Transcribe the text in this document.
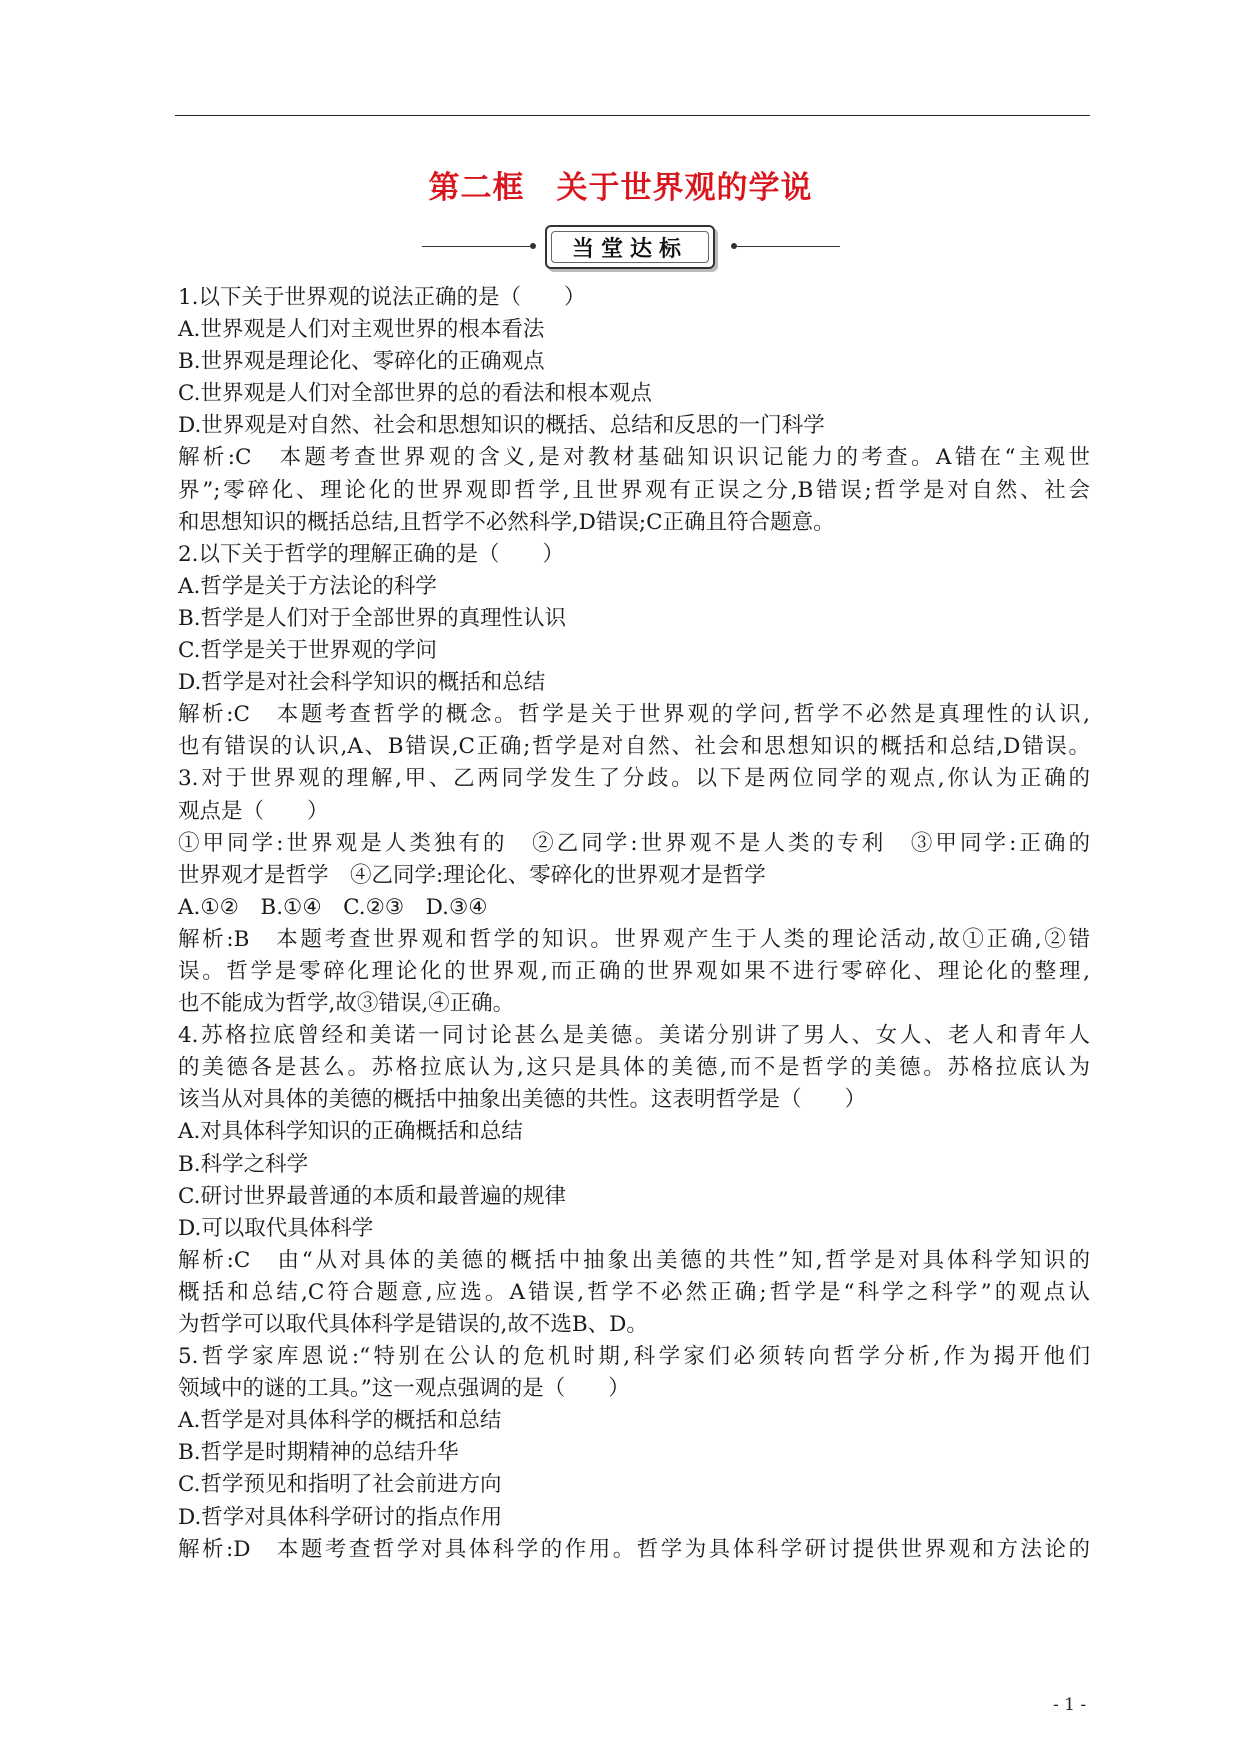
第二框　关于世界观的学说
当堂达标
1.以下关于世界观的说法正确的是（　　）
A.世界观是人们对主观世界的根本看法
B.世界观是理论化、零碎化的正确观点
C.世界观是人们对全部世界的总的看法和根本观点
D.世界观是对自然、社会和思想知识的概括、总结和反思的一门科学
解析:C　本题考查世界观的含义,是对教材基础知识识记能力的考查。A错在“主观世
界”;零碎化、理论化的世界观即哲学,且世界观有正误之分,B错误;哲学是对自然、社会
和思想知识的概括总结,且哲学不必然科学,D错误;C正确且符合题意。
2.以下关于哲学的理解正确的是（　　）
A.哲学是关于方法论的科学
B.哲学是人们对于全部世界的真理性认识
C.哲学是关于世界观的学问
D.哲学是对社会科学知识的概括和总结
解析:C　本题考查哲学的概念。哲学是关于世界观的学问,哲学不必然是真理性的认识,
也有错误的认识,A、B错误,C正确;哲学是对自然、社会和思想知识的概括和总结,D错误。
3.对于世界观的理解,甲、乙两同学发生了分歧。以下是两位同学的观点,你认为正确的
观点是（　　）
①甲同学:世界观是人类独有的　②乙同学:世界观不是人类的专利　③甲同学:正确的
世界观才是哲学　④乙同学:理论化、零碎化的世界观才是哲学
A.①②　B.①④　C.②③　D.③④
解析:B　本题考查世界观和哲学的知识。世界观产生于人类的理论活动,故①正确,②错
误。哲学是零碎化理论化的世界观,而正确的世界观如果不进行零碎化、理论化的整理,
也不能成为哲学,故③错误,④正确。
4.苏格拉底曾经和美诺一同讨论甚么是美德。美诺分别讲了男人、女人、老人和青年人
的美德各是甚么。苏格拉底认为,这只是具体的美德,而不是哲学的美德。苏格拉底认为
该当从对具体的美德的概括中抽象出美德的共性。这表明哲学是（　　）
A.对具体科学知识的正确概括和总结
B.科学之科学
C.研讨世界最普通的本质和最普遍的规律
D.可以取代具体科学
解析:C　由“从对具体的美德的概括中抽象出美德的共性”知,哲学是对具体科学知识的
概括和总结,C符合题意,应选。A错误,哲学不必然正确;哲学是“科学之科学”的观点认
为哲学可以取代具体科学是错误的,故不选B、D。
5.哲学家库恩说:“特别在公认的危机时期,科学家们必须转向哲学分析,作为揭开他们
领域中的谜的工具。”这一观点强调的是（　　）
A.哲学是对具体科学的概括和总结
B.哲学是时期精神的总结升华
C.哲学预见和指明了社会前进方向
D.哲学对具体科学研讨的指点作用
解析:D　本题考查哲学对具体科学的作用。哲学为具体科学研讨提供世界观和方法论的
- 1 -
